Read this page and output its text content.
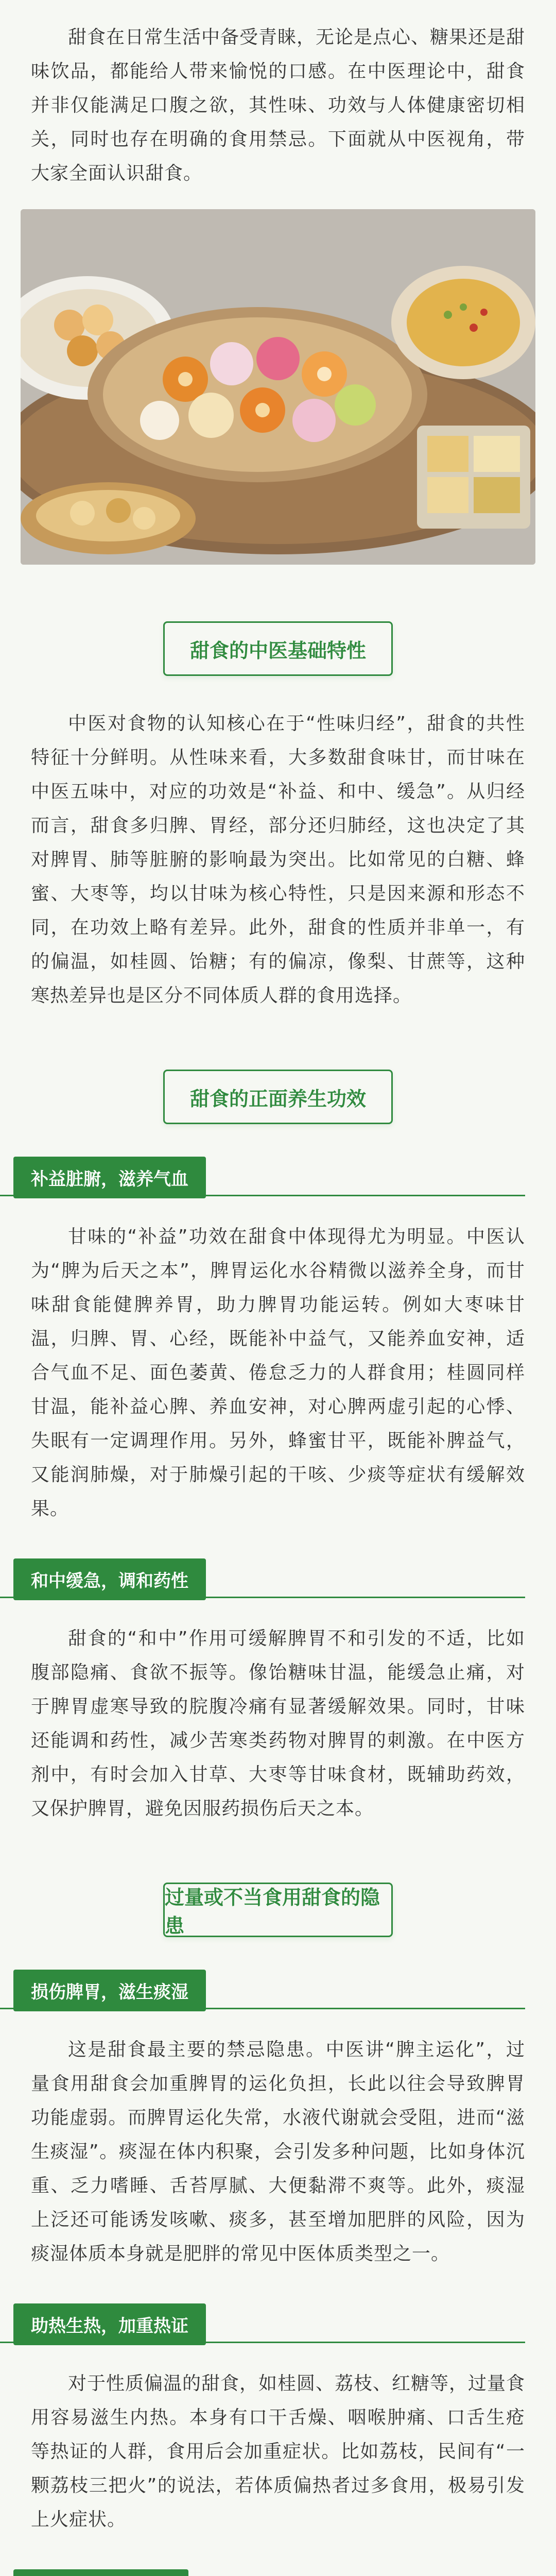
甜食在日常生活中备受青睐，无论是点心、糖果还是甜味饮品，都能给人带来愉悦的口感。在中医理论中，甜食并非仅能满足口腹之欲，其性味、功效与人体健康密切相关，同时也存在明确的食用禁忌。下面就从中医视角，带大家全面认识甜食。

甜食的中医基础特性

中医对食物的认知核心在于“性味归经”，甜食的共性特征十分鲜明。从性味来看，大多数甜食味甘，而甘味在中医五味中，对应的功效是“补益、和中、缓急”。从归经而言，甜食多归脾、胃经，部分还归肺经，这也决定了其对脾胃、肺等脏腑的影响最为突出。比如常见的白糖、蜂蜜、大枣等，均以甘味为核心特性，只是因来源和形态不同，在功效上略有差异。此外，甜食的性质并非单一，有的偏温，如桂圆、饴糖；有的偏凉，像梨、甘蔗等，这种寒热差异也是区分不同体质人群的食用选择。

甜食的正面养生功效
补益脏腑，滋养气血

甘味的“补益”功效在甜食中体现得尤为明显。中医认为“脾为后天之本”，脾胃运化水谷精微以滋养全身，而甘味甜食能健脾养胃，助力脾胃功能运转。例如大枣味甘温，归脾、胃、心经，既能补中益气，又能养血安神，适合气血不足、面色萎黄、倦怠乏力的人群食用；桂圆同样甘温，能补益心脾、养血安神，对心脾两虚引起的心悸、失眠有一定调理作用。另外，蜂蜜甘平，既能补脾益气，又能润肺燥，对于肺燥引起的干咳、少痰等症状有缓解效果。

和中缓急，调和药性

甜食的“和中”作用可缓解脾胃不和引发的不适，比如腹部隐痛、食欲不振等。像饴糖味甘温，能缓急止痛，对于脾胃虚寒导致的脘腹冷痛有显著缓解效果。同时，甘味还能调和药性，减少苦寒类药物对脾胃的刺激。在中医方剂中，有时会加入甘草、大枣等甘味食材，既辅助药效，又保护脾胃，避免因服药损伤后天之本。

过量或不当食用甜食的隐患
损伤脾胃，滋生痰湿

这是甜食最主要的禁忌隐患。中医讲“脾主运化”，过量食用甜食会加重脾胃的运化负担，长此以往会导致脾胃功能虚弱。而脾胃运化失常，水液代谢就会受阻，进而“滋生痰湿”。痰湿在体内积聚，会引发多种问题，比如身体沉重、乏力嗜睡、舌苔厚腻、大便黏滞不爽等。此外，痰湿上泛还可能诱发咳嗽、痰多，甚至增加肥胖的风险，因为痰湿体质本身就是肥胖的常见中医体质类型之一。

助热生热，加重热证

对于性质偏温的甜食，如桂圆、荔枝、红糖等，过量食用容易滋生内热。本身有口干舌燥、咽喉肿痛、口舌生疮等热证的人群，食用后会加重症状。比如荔枝，民间有“一颗荔枝三把火”的说法，若体质偏热者过多食用，极易引发上火症状。
